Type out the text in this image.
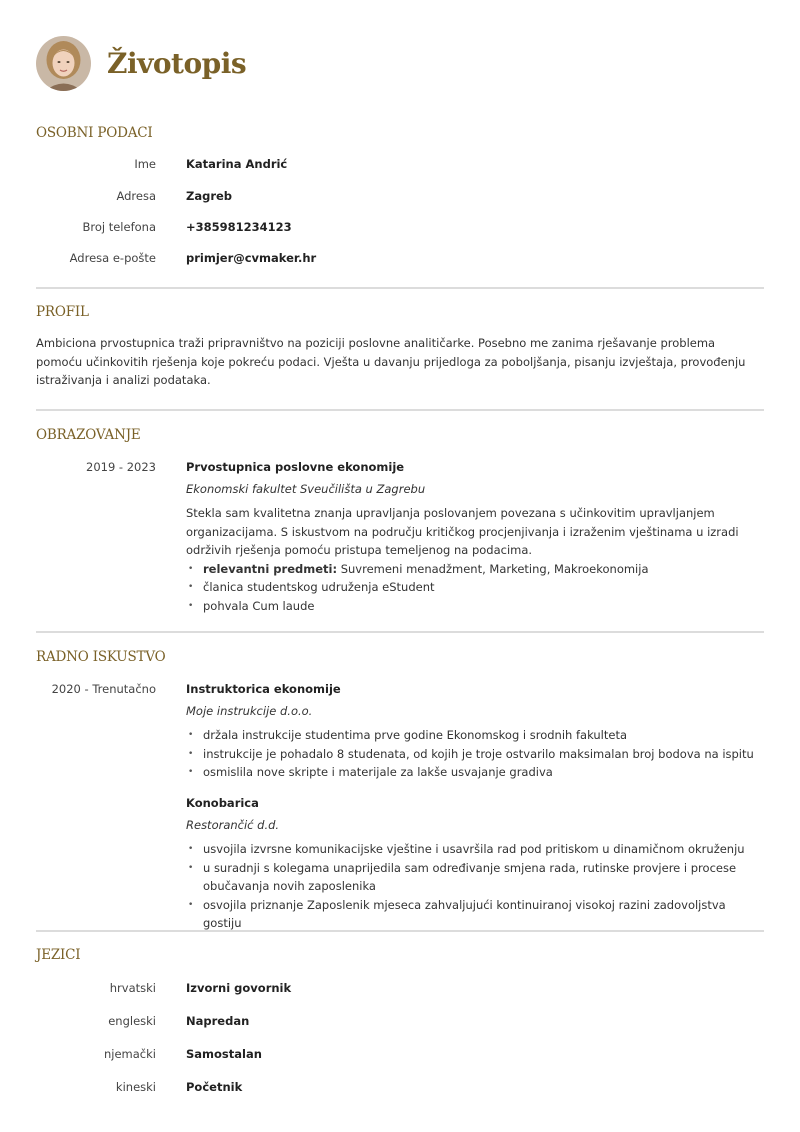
Životopis
OSOBNI PODACI
Ime	Katarina Andrić
Adresa	Zagreb
Broj telefona	+385981234123
Adresa e-pošte	primjer@cvmaker.hr
PROFIL
Ambiciona prvostupnica traži pripravništvo na poziciji poslovne analitičarke. Posebno me zanima rješavanje problema pomoću učinkovitih rješenja koje pokreću podaci. Vješta u davanju prijedloga za poboljšanja, pisanju izvještaja, provođenju istraživanja i analizi podataka.
OBRAZOVANJE
2019 - 2023	Prvostupnica poslovne ekonomije
Ekonomski fakultet Sveučilišta u Zagrebu
Stekla sam kvalitetna znanja upravljanja poslovanjem povezana s učinkovitim upravljanjem organizacijama. S iskustvom na području kritičkog procjenjivanja i izraženim vještinama u izradi održivih rješenja pomoću pristupa temeljenog na podacima.
• relevantni predmeti: Suvremeni menadžment, Marketing, Makroekonomija
• članica studentskog udruženja eStudent
• pohvala Cum laude
RADNO ISKUSTVO
2020 - Trenutačno	Instruktorica ekonomije
Moje instrukcije d.o.o.
• držala instrukcije studentima prve godine Ekonomskog i srodnih fakulteta
• instrukcije je pohadalo 8 studenata, od kojih je troje ostvarilo maksimalan broj bodova na ispitu
• osmislila nove skripte i materijale za lakše usvajanje gradiva
Konobarica
Restorančić d.d.
• usvojila izvrsne komunikacijske vještine i usavršila rad pod pritiskom u dinamičnom okruženju
• u suradnji s kolegama unaprijedila sam određivanje smjena rada, rutinske provjere i procese obučavanja novih zaposlenika
• osvojila priznanje Zaposlenik mjeseca zahvaljujući kontinuiranoj visokoj razini zadovoljstva gostiju
JEZICI
hrvatski	Izvorni govornik
engleski	Napredan
njemački	Samostalan
kineski	Početnik
